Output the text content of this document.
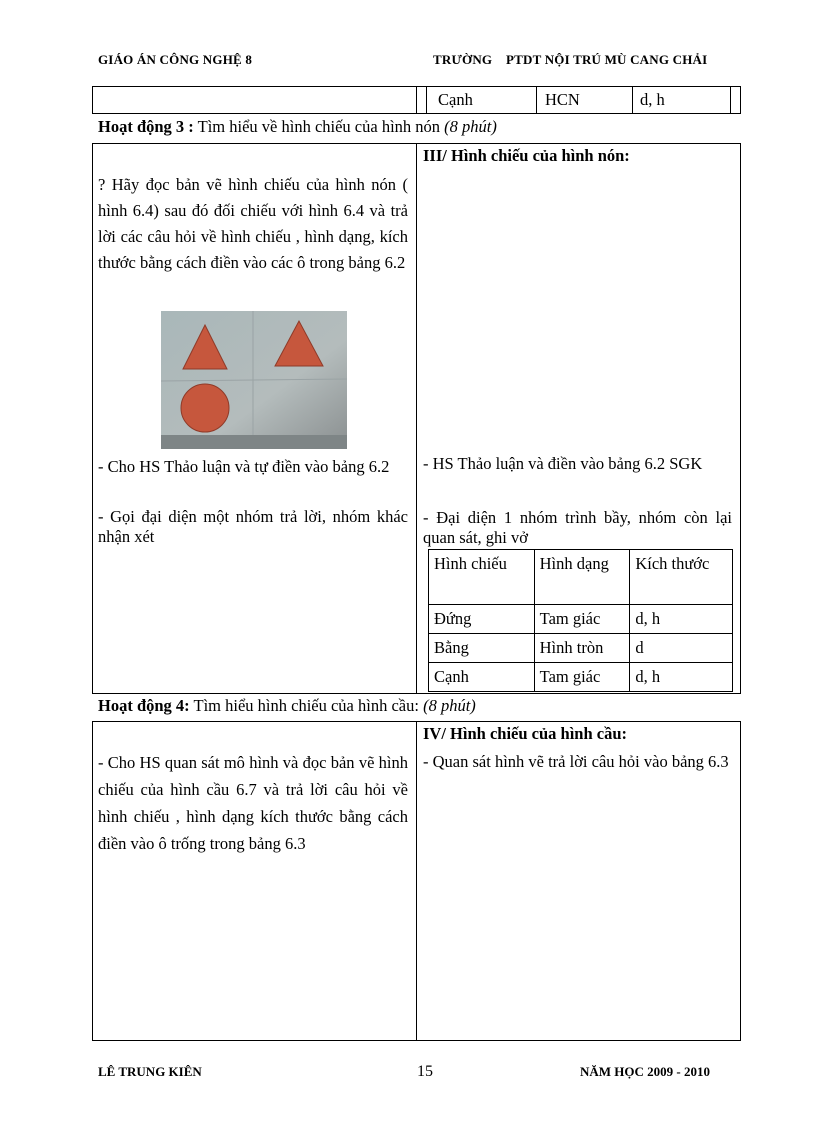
GIÁO ÁN CÔNG NGHỆ 8	TRƯỜNG    PTDT NỘI TRÚ MÙ CANG CHẢI
Cạnh	HCN	d, h
Hoạt động 3 : Tìm hiểu về hình chiếu của hình nón (8 phút)
? Hãy đọc bản vẽ hình chiếu của hình nón ( hình 6.4) sau đó đối chiếu với hình 6.4 và trả lời các câu hỏi về hình chiếu , hình dạng, kích thước bằng cách điền vào các ô trong bảng 6.2
- Cho HS Thảo luận và tự điền vào bảng 6.2
- Gọi đại diện một nhóm trả lời, nhóm khác nhận xét
III/ Hình chiếu của hình nón:
- HS Thảo luận và điền vào bảng 6.2 SGK
- Đại diện 1 nhóm trình bầy, nhóm còn lại quan sát, ghi vở
Hình chiếu	Hình dạng	Kích thước
Đứng	Tam giác	d, h
Bằng	Hình tròn	d
Cạnh	Tam giác	d, h
Hoạt động 4: Tìm hiểu hình chiếu của hình cầu: (8 phút)
- Cho HS quan sát mô hình và đọc bản vẽ hình chiếu của hình cầu 6.7 và trả lời câu hỏi về hình chiếu , hình dạng kích thước bằng cách điền vào ô trống trong bảng 6.3
IV/ Hình chiếu của hình cầu:
- Quan sát hình vẽ trả lời câu hỏi vào bảng 6.3
LÊ TRUNG KIÊN	15	NĂM HỌC 2009 - 2010
